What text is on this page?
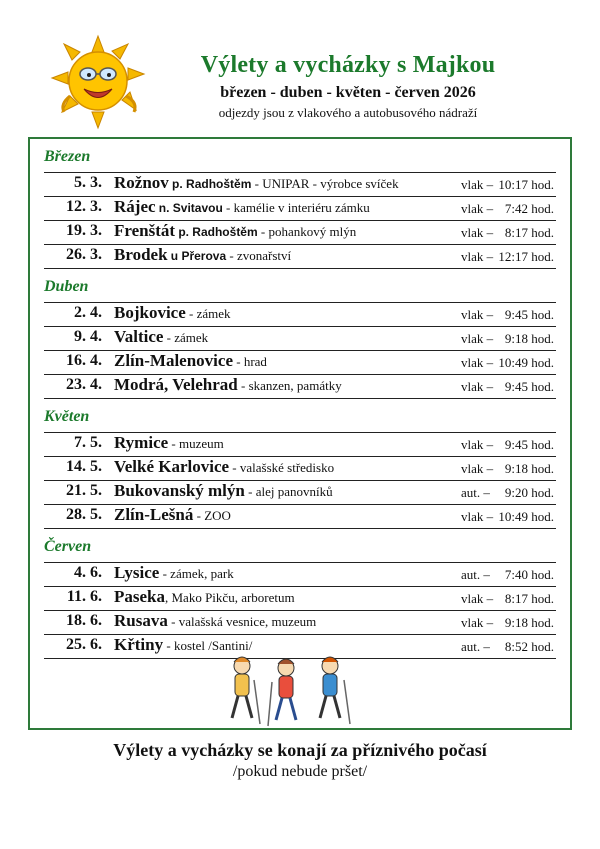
Výlety a vycházky s Majkou
březen - duben - květen - červen 2026
odjezdy jsou z vlakového a autobusového nádraží
Březen
5. 3. Rožnov p. Radhoštěm - UNIPAR - výrobce svíček	vlak – 10:17 hod.
12. 3. Rájec n. Svitavou - kamélie v interiéru zámku	vlak – 7:42 hod.
19. 3. Frenštát p. Radhoštěm - pohankový mlýn	vlak – 8:17 hod.
26. 3. Brodek u Přerova - zvonařství	vlak – 12:17 hod.
Duben
2. 4. Bojkovice - zámek	vlak – 9:45 hod.
9. 4. Valtice - zámek	vlak – 9:18 hod.
16. 4. Zlín-Malenovice - hrad	vlak – 10:49 hod.
23. 4. Modrá, Velehrad - skanzen, památky	vlak – 9:45 hod.
Květen
7. 5. Rymice - muzeum	vlak – 9:45 hod.
14. 5. Velké Karlovice - valašské středisko	vlak – 9:18 hod.
21. 5. Bukovanský mlýn - alej panovníků	aut. – 9:20 hod.
28. 5. Zlín-Lešná - ZOO	vlak – 10:49 hod.
Červen
4. 6. Lysice - zámek, park	aut. – 7:40 hod.
11. 6. Paseka, Mako Pikču, arboretum	vlak – 8:17 hod.
18. 6. Rusava - valašská vesnice, muzeum	vlak – 9:18 hod.
25. 6. Křtiny - kostel /Santini/	aut. – 8:52 hod.
Výlety a vycházky se konají za příznivého počasí
/pokud nebude pršet/
